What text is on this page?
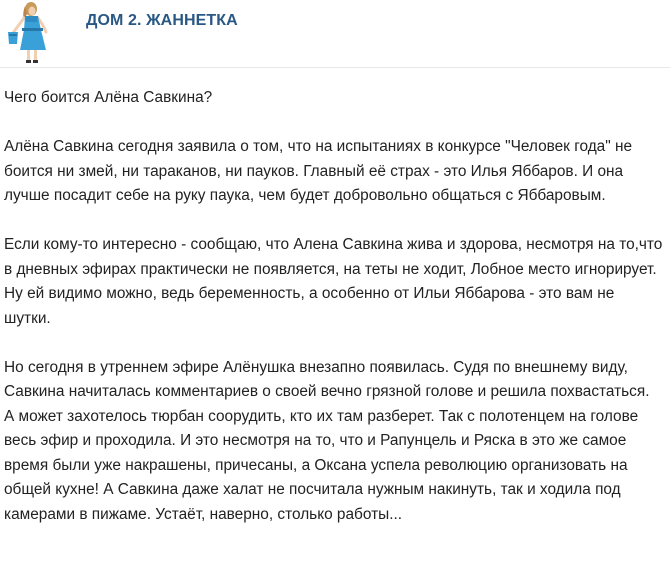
ДОМ 2. ЖАННЕТКА

Чего боится Алёна Савкина?

Алёна Савкина сегодня заявила о том, что на испытаниях в конкурсе "Человек года" не боится ни змей, ни тараканов, ни пауков. Главный её страх - это Илья Яббаров. И она лучше посадит себе на руку паука, чем будет добровольно общаться с Яббаровым.

Если кому-то интересно - сообщаю, что Алена Савкина жива и здорова, несмотря на то,что в дневных эфирах практически не появляется, на теты не ходит, Лобное место игнорирует. Ну ей видимо можно, ведь беременность, а особенно от Ильи Яббарова - это вам не шутки.

Но сегодня в утреннем эфире Алёнушка внезапно появилась. Судя по внешнему виду, Савкина начиталась комментариев о своей вечно грязной голове и решила похвастаться. А может захотелось тюрбан соорудить, кто их там разберет. Так с полотенцем на голове весь эфир и проходила. И это несмотря на то, что и Рапунцель и Ряска в это же самое время были уже накрашены, причесаны, а Оксана успела революцию организовать на общей кухне! А Савкина даже халат не посчитала нужным накинуть, так и ходила под камерами в пижаме. Устаёт, наверно, столько работы...
